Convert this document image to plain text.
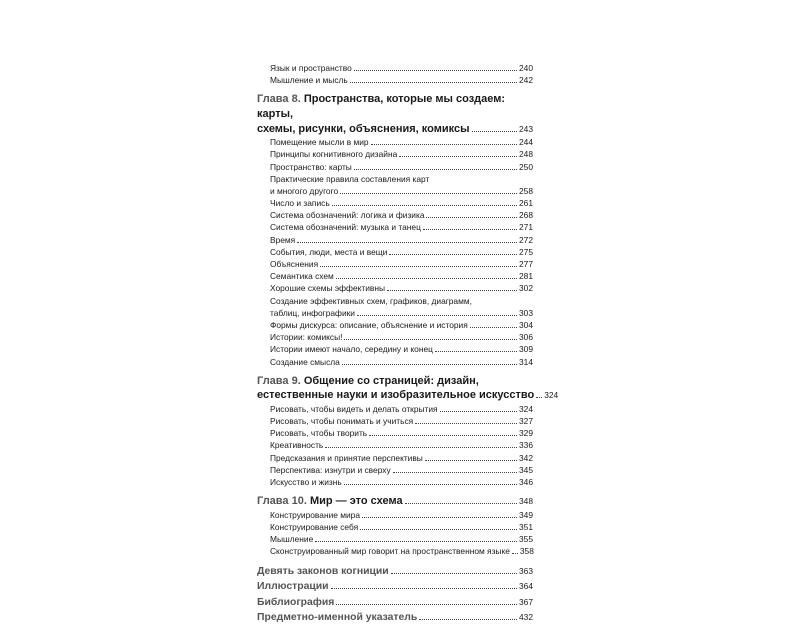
Язык и пространство	240
Мышление и мысль	242
Глава 8. Пространства, которые мы создаем: карты,
схемы, рисунки, объяснения, комиксы	243
Помещение мысли в мир	244
Принципы когнитивного дизайна	248
Пространство: карты	250
Практические правила составления карт
и многого другого	258
Число и запись	261
Система обозначений: логика и физика	268
Система обозначений: музыка и танец	271
Время	272
События, люди, места и вещи	275
Объяснения	277
Семантика схем	281
Хорошие схемы эффективны	302
Создание эффективных схем, графиков, диаграмм,
таблиц, инфографики	303
Формы дискурса: описание, объяснение и история	304
Истории: комиксы!	306
Истории имеют начало, середину и конец	309
Создание смысла	314
Глава 9. Общение со страницей: дизайн,
естественные науки и изобразительное искусство 324
Рисовать, чтобы видеть и делать открытия	324
Рисовать, чтобы понимать и учиться	327
Рисовать, чтобы творить	329
Креативность	336
Предсказания и принятие перспективы	342
Перспектива: изнутри и сверху	345
Искусство и жизнь	346
Глава 10. Мир — это схема	348
Конструирование мира	349
Конструирование себя	351
Мышление	355
Сконструированный мир говорит на пространственном языке 358
Девять законов когниции	363
Иллюстрации	364
Библиография	367
Предметно-именной указатель	432
